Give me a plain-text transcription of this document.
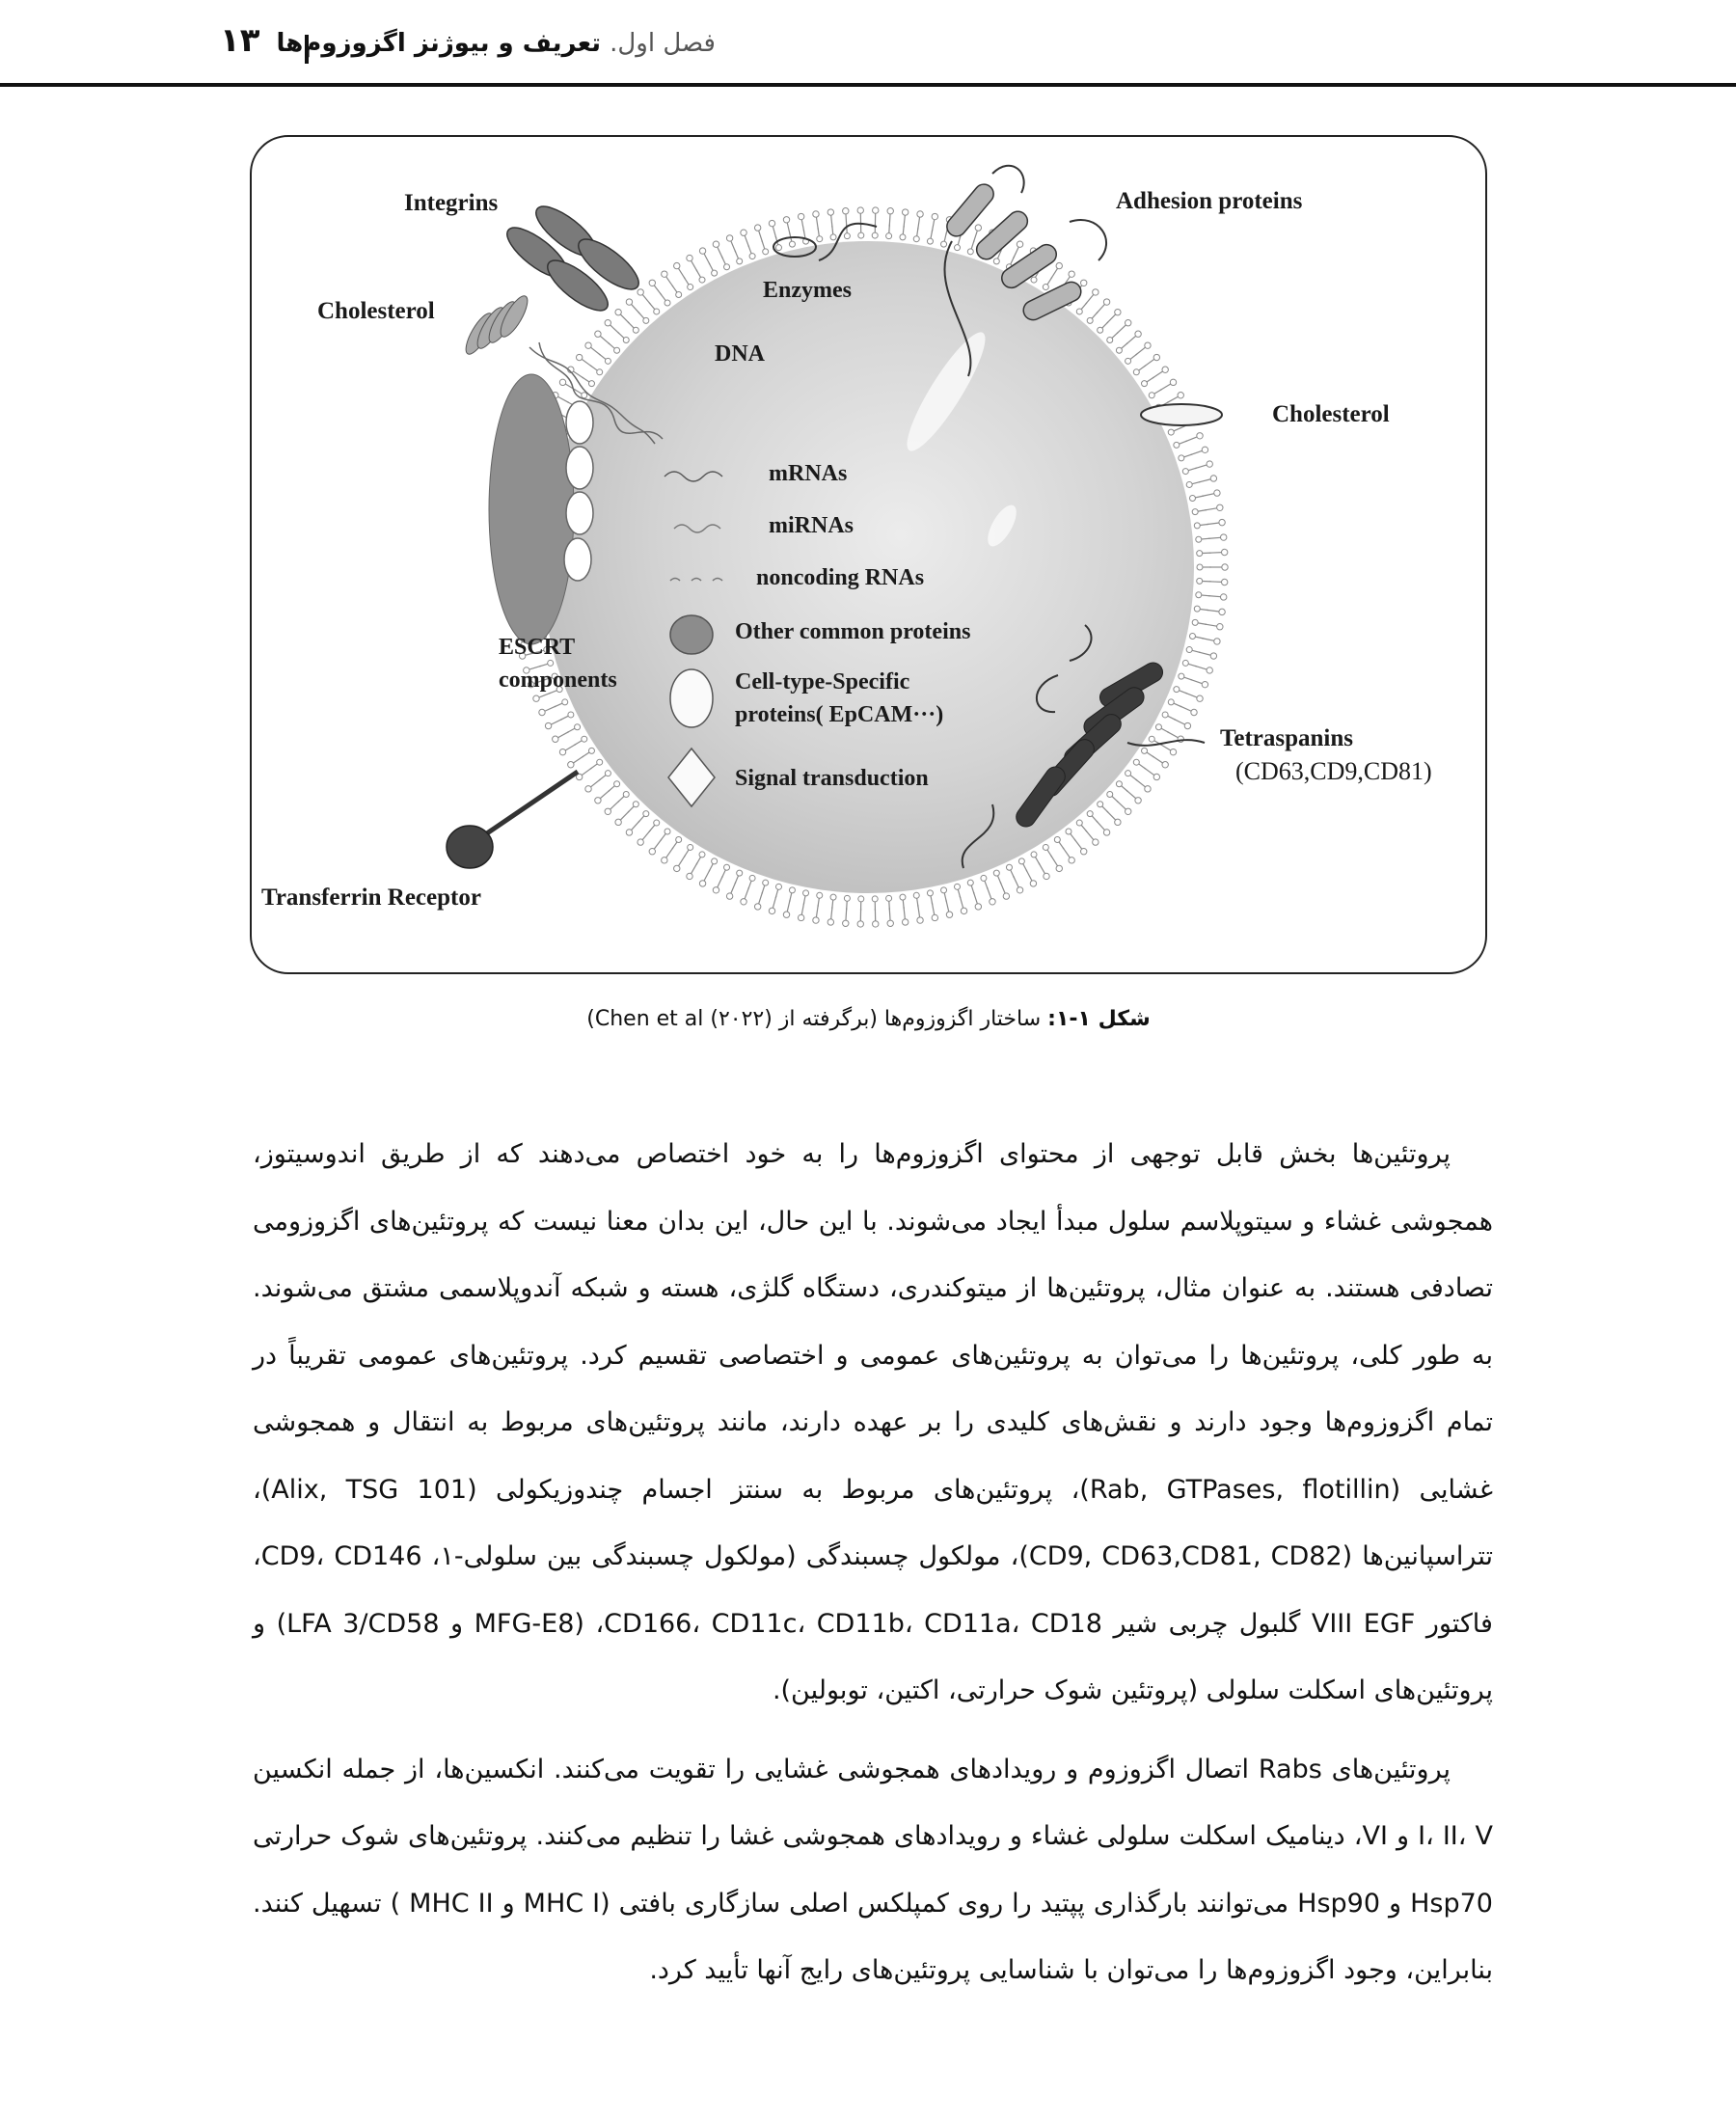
۱۳	فصل اول. تعریف و بیوژنز اگزوزوم‌ها
Integrins
Cholesterol
Enzymes
DNA
Adhesion proteins
Cholesterol
ESCRT
components
Tetraspanins
(CD63,CD9,CD81)
Transferrin Receptor
mRNAs
miRNAs
noncoding RNAs
Other common proteins
Cell-type-Specific
proteins( EpCAM···)
Signal transduction
شکل ۱-۱: ساختار اگزوزوم‌ها (برگرفته از Chen et al (۲۰۲۲))

پروتئین‌ها بخش قابل توجهی از محتوای اگزوزوم‌ها را به خود اختصاص می‌دهند که از طریق اندوسیتوز، همجوشی غشاء و سیتوپلاسم سلول مبدأ ایجاد می‌شوند. با این حال، این بدان معنا نیست که پروتئین‌های اگزوزومی تصادفی هستند. به عنوان مثال، پروتئین‌ها از میتوکندری، دستگاه گلژی، هسته و شبکه آندوپلاسمی مشتق می‌شوند. به طور کلی، پروتئین‌ها را می‌توان به پروتئین‌های عمومی و اختصاصی تقسیم کرد. پروتئین‌های عمومی تقریباً در تمام اگزوزوم‌ها وجود دارند و نقش‌های کلیدی را بر عهده دارند، مانند پروتئین‌های مربوط به انتقال و همجوشی غشایی (Rab, GTPases, flotillin)، پروتئین‌های مربوط به سنتز اجسام چندوزیکولی (Alix, TSG 101)، تتراسپانین‌ها (CD9, CD63,CD81, CD82)، مولکول چسبندگی (مولکول چسبندگی بین سلولی-۱، CD9، CD146، فاکتور VIII EGF گلبول چربی شیر CD166، CD11c، CD11b، CD11a، CD18، (MFG-E8 و LFA 3/CD58) و پروتئین‌های اسکلت سلولی (پروتئین شوک حرارتی، اکتین، توبولین).

پروتئین‌های Rabs اتصال اگزوزوم و رویدادهای همجوشی غشایی را تقویت می‌کنند. انکسین‌ها، از جمله انکسین I، II، V و VI، دینامیک اسکلت سلولی غشاء و رویدادهای همجوشی غشا را تنظیم می‌کنند. پروتئین‌های شوک حرارتی Hsp70 و Hsp90 می‌توانند بارگذاری پپتید را روی کمپلکس اصلی سازگاری بافتی (MHC I و MHC II ) تسهیل کنند. بنابراین، وجود اگزوزوم‌ها را می‌توان با شناسایی پروتئین‌های رایج آنها تأیید کرد.
